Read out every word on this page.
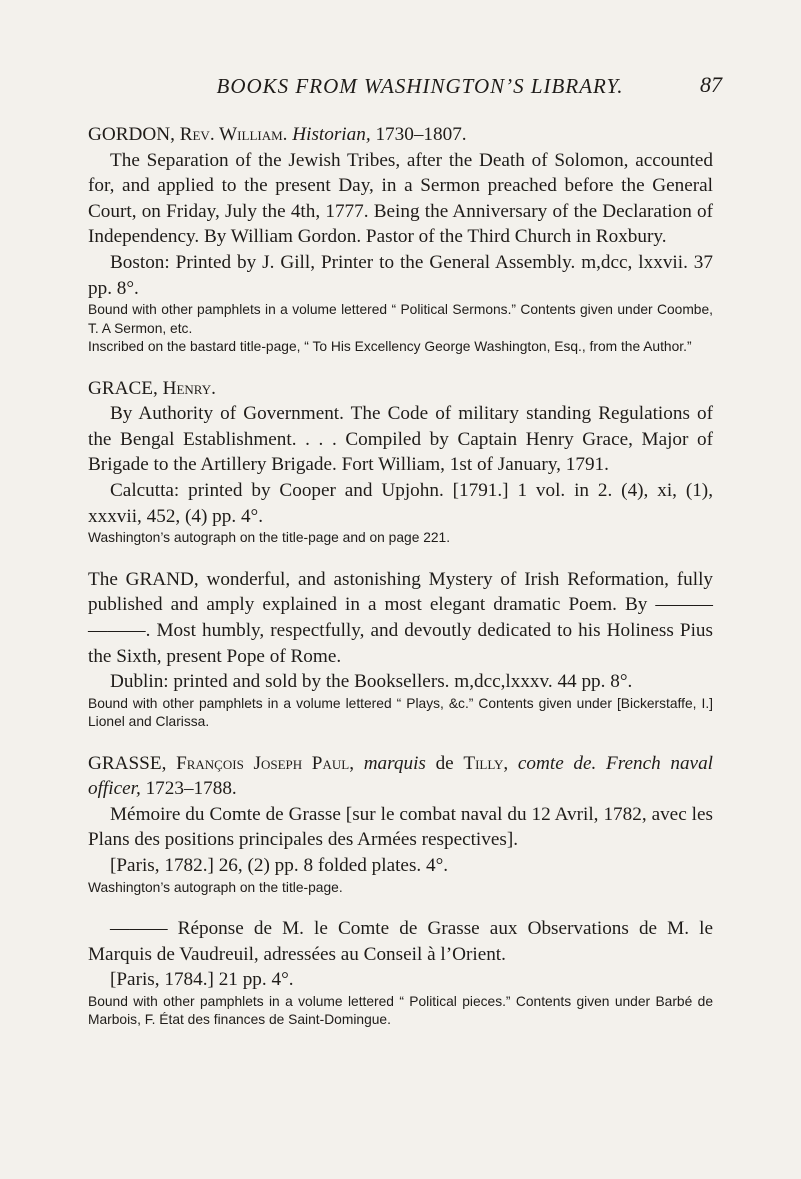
BOOKS FROM WASHINGTON’S LIBRARY.	87

GORDON, Rev. William. Historian, 1730–1807.

The Separation of the Jewish Tribes, after the Death of Solomon, accounted for, and applied to the present Day, in a Sermon preached before the General Court, on Friday, July the 4th, 1777. Being the Anniversary of the Declaration of Independency. By William Gordon. Pastor of the Third Church in Roxbury.

Boston: Printed by J. Gill, Printer to the General Assembly. m,dcc, lxxvii. 37 pp. 8°.

Bound with other pamphlets in a volume lettered “ Political Sermons.” Contents given under Coombe, T. A Sermon, etc.

Inscribed on the bastard title-page, “ To His Excellency George Washington, Esq., from the Author.”

GRACE, Henry.

By Authority of Government. The Code of military standing Regulations of the Bengal Establishment. . . . Compiled by Captain Henry Grace, Major of Brigade to the Artillery Brigade. Fort William, 1st of January, 1791.

Calcutta: printed by Cooper and Upjohn. [1791.] 1 vol. in 2. (4), xi, (1), xxxvii, 452, (4) pp. 4°.

Washington’s autograph on the title-page and on page 221.

The GRAND, wonderful, and astonishing Mystery of Irish Reformation, fully published and amply explained in a most elegant dramatic Poem. By ——— ———. Most humbly, respectfully, and devoutly dedicated to his Holiness Pius the Sixth, present Pope of Rome.

Dublin: printed and sold by the Booksellers. m,dcc,lxxxv. 44 pp. 8°.

Bound with other pamphlets in a volume lettered “ Plays, &c.” Contents given under [Bickerstaffe, I.] Lionel and Clarissa.

GRASSE, François Joseph Paul, marquis de Tilly, comte de. French naval officer, 1723–1788.

Mémoire du Comte de Grasse [sur le combat naval du 12 Avril, 1782, avec les Plans des positions principales des Armées respectives].

[Paris, 1782.] 26, (2) pp. 8 folded plates. 4°.

Washington’s autograph on the title-page.

——— Réponse de M. le Comte de Grasse aux Observations de M. le Marquis de Vaudreuil, adressées au Conseil à l’Orient.

[Paris, 1784.] 21 pp. 4°.

Bound with other pamphlets in a volume lettered “ Political pieces.” Contents given under Barbé de Marbois, F. État des finances de Saint-Domingue.
